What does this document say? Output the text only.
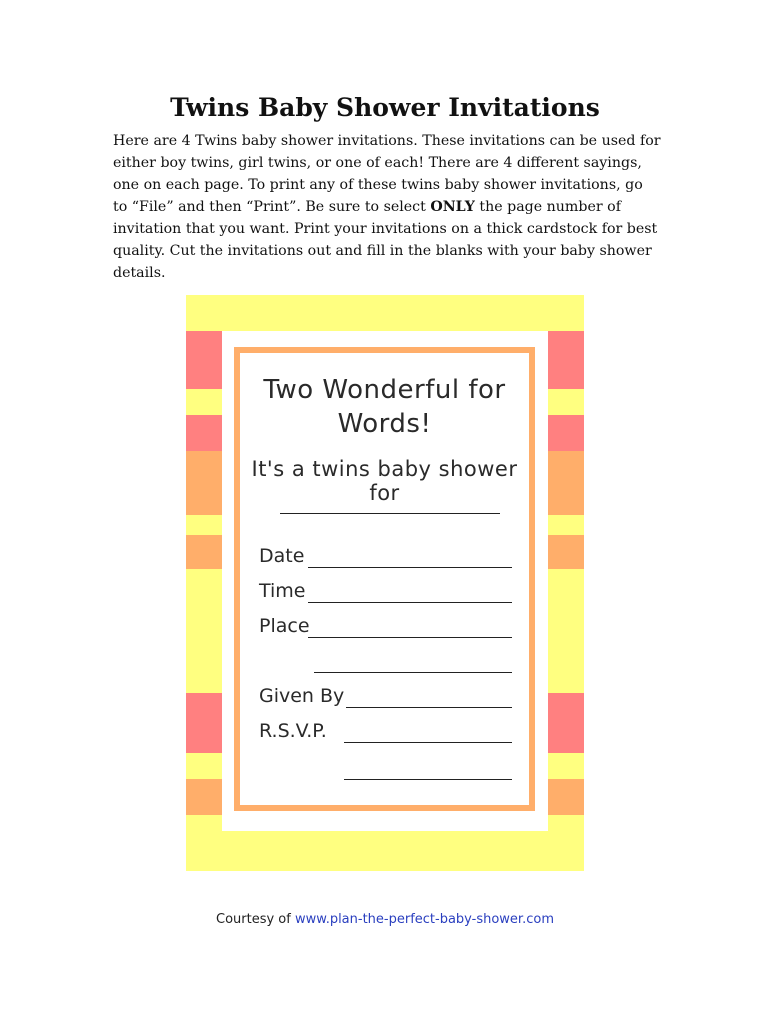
Twins Baby Shower Invitations
Here are 4 Twins baby shower invitations. These invitations can be used for either boy twins, girl twins, or one of each! There are 4 different sayings, one on each page. To print any of these twins baby shower invitations, go to “File” and then “Print”. Be sure to select ONLY the page number of invitation that you want. Print your invitations on a thick cardstock for best quality. Cut the invitations out and fill in the blanks with your baby shower details.
Two Wonderful for
Words!
It's a twins baby shower for
Date
Time
Place
Given By
R.S.V.P.
Courtesy of www.plan-the-perfect-baby-shower.com
